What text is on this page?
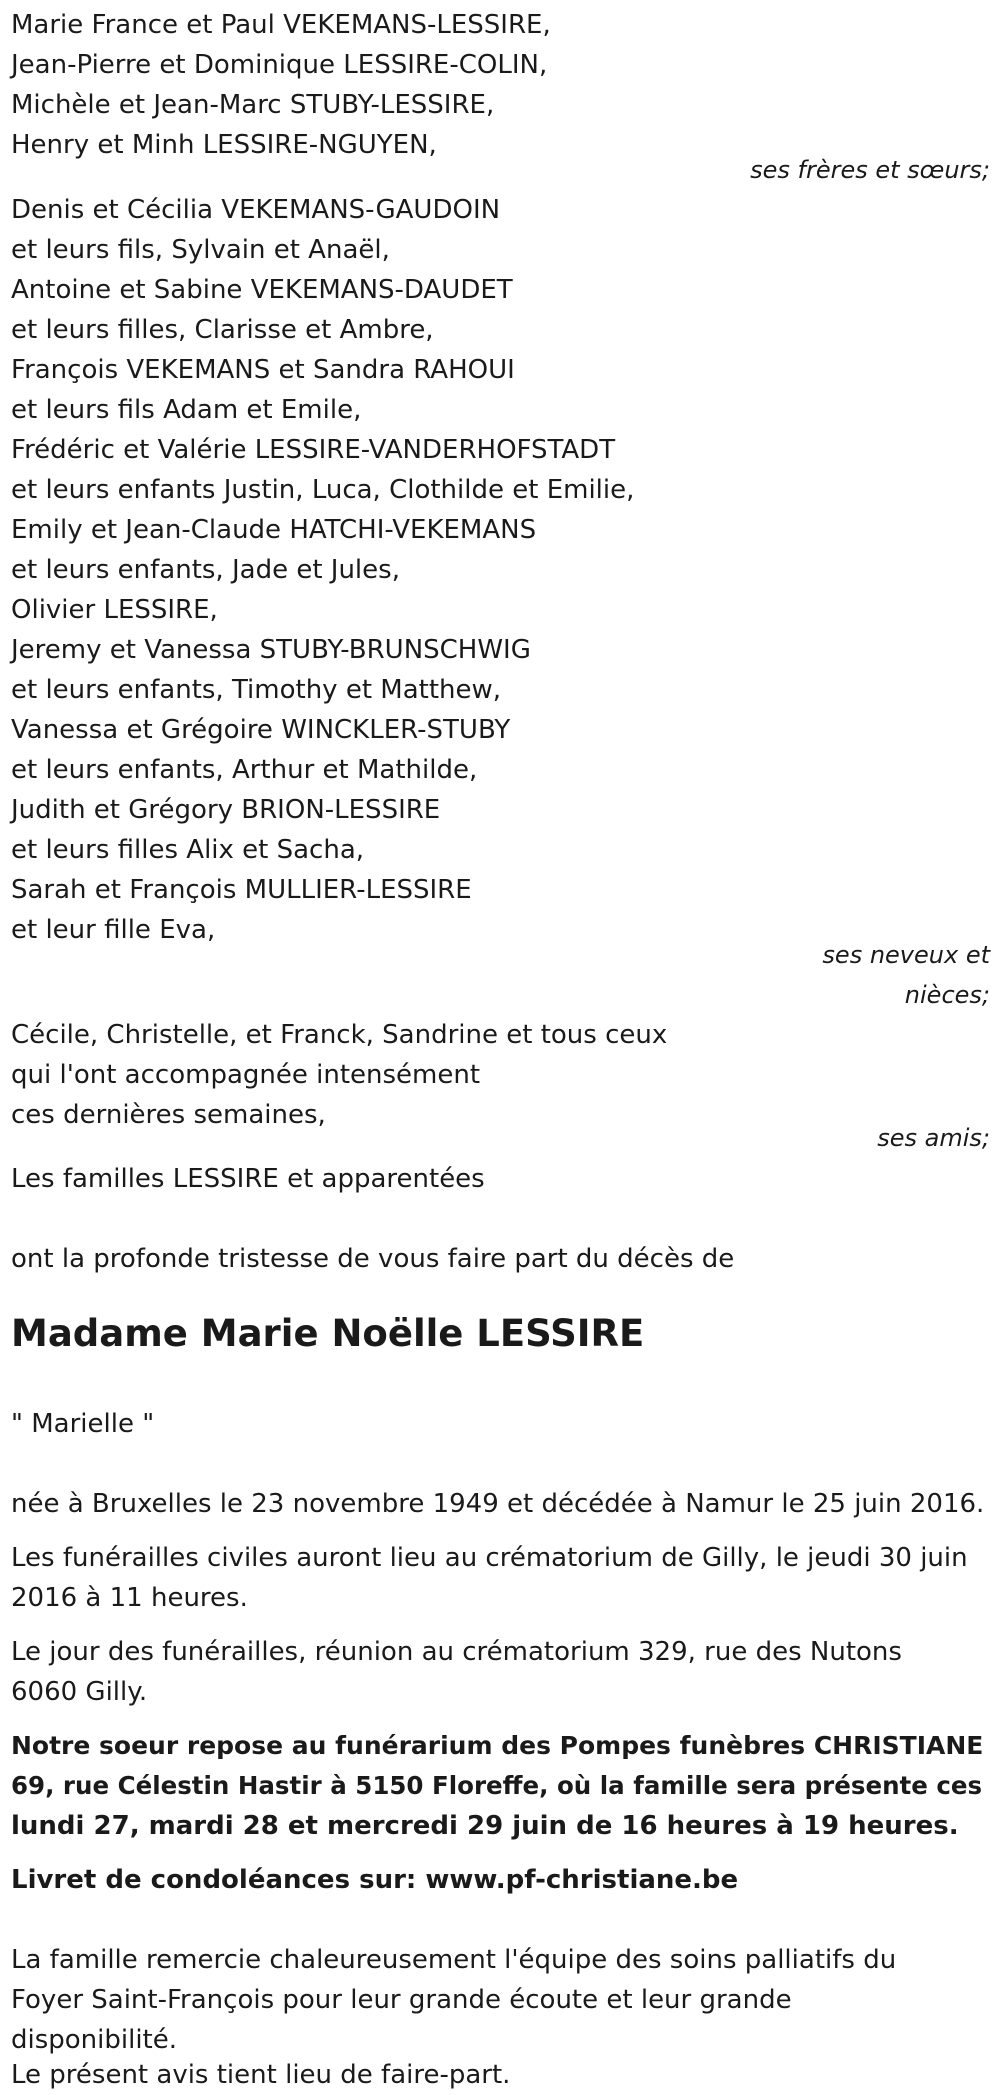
Marie France et Paul VEKEMANS-LESSIRE,
Jean-Pierre et Dominique LESSIRE-COLIN,
Michèle et Jean-Marc STUBY-LESSIRE,
Henry et Minh LESSIRE-NGUYEN,
ses frères et sœurs;
Denis et Cécilia VEKEMANS-GAUDOIN
et leurs fils, Sylvain et Anaël,
Antoine et Sabine VEKEMANS-DAUDET
et leurs filles, Clarisse et Ambre,
François VEKEMANS et Sandra RAHOUI
et leurs fils Adam et Emile,
Frédéric et Valérie LESSIRE-VANDERHOFSTADT
et leurs enfants Justin, Luca, Clothilde et Emilie,
Emily et Jean-Claude HATCHI-VEKEMANS
et leurs enfants, Jade et Jules,
Olivier LESSIRE,
Jeremy et Vanessa STUBY-BRUNSCHWIG
et leurs enfants, Timothy et Matthew,
Vanessa et Grégoire WINCKLER-STUBY
et leurs enfants, Arthur et Mathilde,
Judith et Grégory BRION-LESSIRE
et leurs filles Alix et Sacha,
Sarah et François MULLIER-LESSIRE
et leur fille Eva,
ses neveux et
nièces;
Cécile, Christelle, et Franck, Sandrine et tous ceux
qui l'ont accompagnée intensément
ces dernières semaines,
ses amis;
Les familles LESSIRE et apparentées
ont la profonde tristesse de vous faire part du décès de
Madame Marie Noëlle LESSIRE
" Marielle "
née à Bruxelles le 23 novembre 1949 et décédée à Namur le 25 juin 2016.
Les funérailles civiles auront lieu au crématorium de Gilly, le jeudi 30 juin
2016 à 11 heures.
Le jour des funérailles, réunion au crématorium 329, rue des Nutons
6060 Gilly.
Notre soeur repose au funérarium des Pompes funèbres CHRISTIANE
69, rue Célestin Hastir à 5150 Floreffe, où la famille sera présente ces
lundi 27, mardi 28 et mercredi 29 juin de 16 heures à 19 heures.
Livret de condoléances sur: www.pf-christiane.be
La famille remercie chaleureusement l'équipe des soins palliatifs du
Foyer Saint-François pour leur grande écoute et leur grande
disponibilité.
Le présent avis tient lieu de faire-part.
